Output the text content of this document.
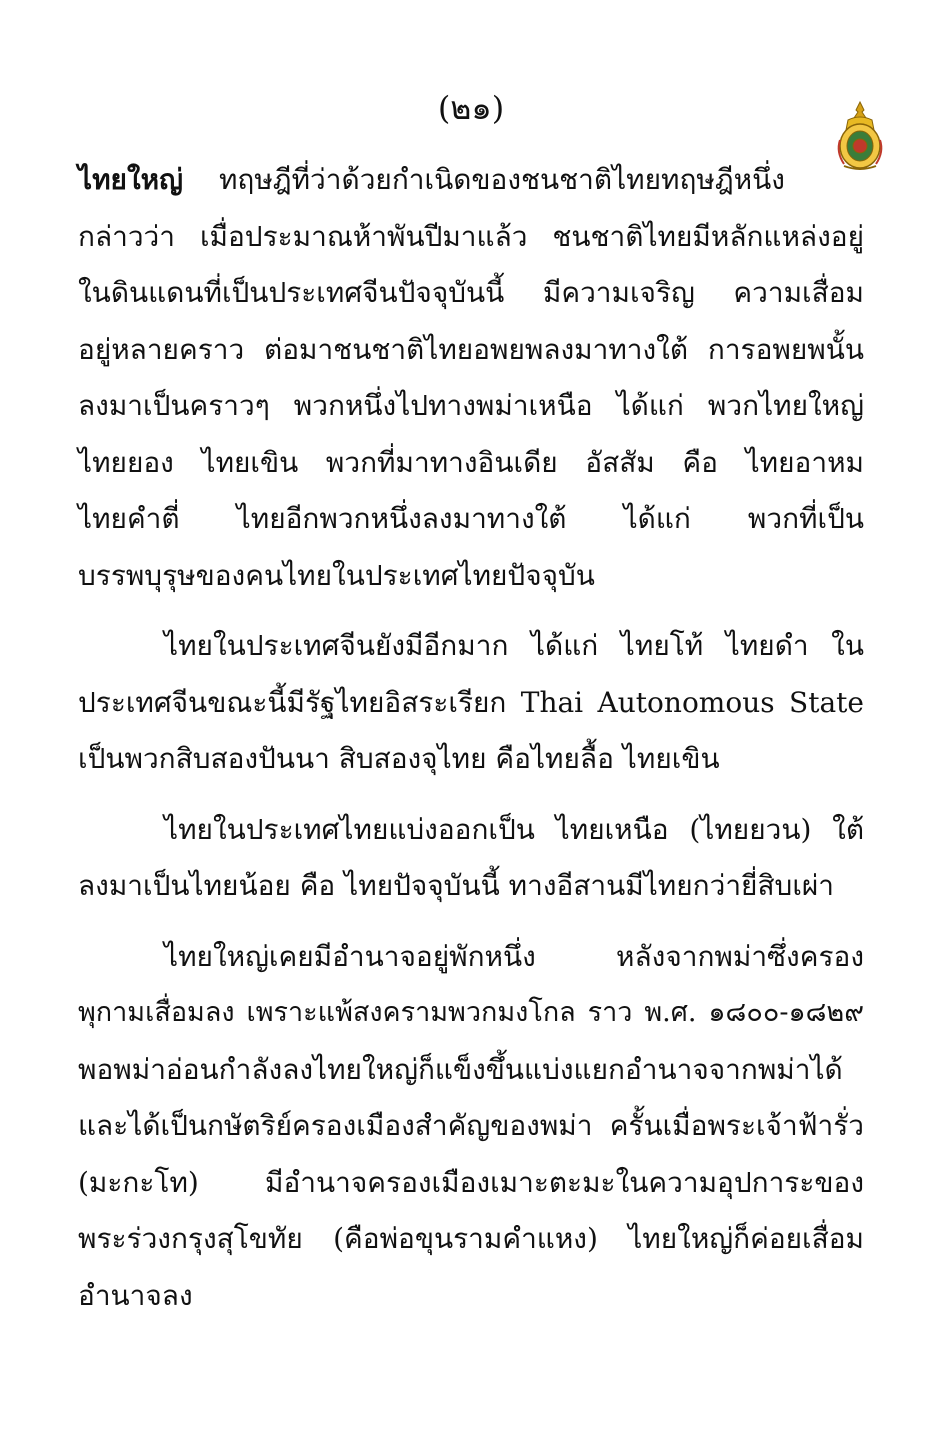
(๒๑)

ไทยใหญ่ ทฤษฎีที่ว่าด้วยกำเนิดของชนชาติไทยทฤษฎีหนึ่ง
กล่าวว่า เมื่อประมาณห้าพันปีมาแล้ว ชนชาติไทยมีหลักแหล่งอยู่
ในดินแดนที่เป็นประเทศจีนปัจจุบันนี้ มีความเจริญ ความเสื่อม
อยู่หลายคราว ต่อมาชนชาติไทยอพยพลงมาทางใต้ การอพยพนั้น
ลงมาเป็นคราวๆ พวกหนึ่งไปทางพม่าเหนือ ได้แก่ พวกไทยใหญ่
ไทยยอง ไทยเขิน พวกที่มาทางอินเดีย อัสสัม คือ ไทยอาหม
ไทยคำตี่ ไทยอีกพวกหนึ่งลงมาทางใต้ ได้แก่ พวกที่เป็น
บรรพบุรุษของคนไทยในประเทศไทยปัจจุบัน

ไทยในประเทศจีนยังมีอีกมาก ได้แก่ ไทยโท้ ไทยดำ ใน
ประเทศจีนขณะนี้มีรัฐไทยอิสระเรียก Thai Autonomous State
เป็นพวกสิบสองปันนา สิบสองจุไทย คือไทยลื้อ ไทยเขิน

ไทยในประเทศไทยแบ่งออกเป็น ไทยเหนือ (ไทยยวน) ใต้
ลงมาเป็นไทยน้อย คือ ไทยปัจจุบันนี้ ทางอีสานมีไทยกว่ายี่สิบเผ่า

ไทยใหญ่เคยมีอำนาจอยู่พักหนึ่ง หลังจากพม่าซึ่งครอง
พุกามเสื่อมลง เพราะแพ้สงครามพวกมงโกล ราว พ.ศ. ๑๘๐๐-๑๘๒๙
พอพม่าอ่อนกำลังลงไทยใหญ่ก็แข็งขึ้นแบ่งแยกอำนาจจากพม่าได้
และได้เป็นกษัตริย์ครองเมืองสำคัญของพม่า ครั้นเมื่อพระเจ้าฟ้ารั่ว
(มะกะโท) มีอำนาจครองเมืองเมาะตะมะในความอุปการะของ
พระร่วงกรุงสุโขทัย (คือพ่อขุนรามคำแหง) ไทยใหญ่ก็ค่อยเสื่อม
อำนาจลง
